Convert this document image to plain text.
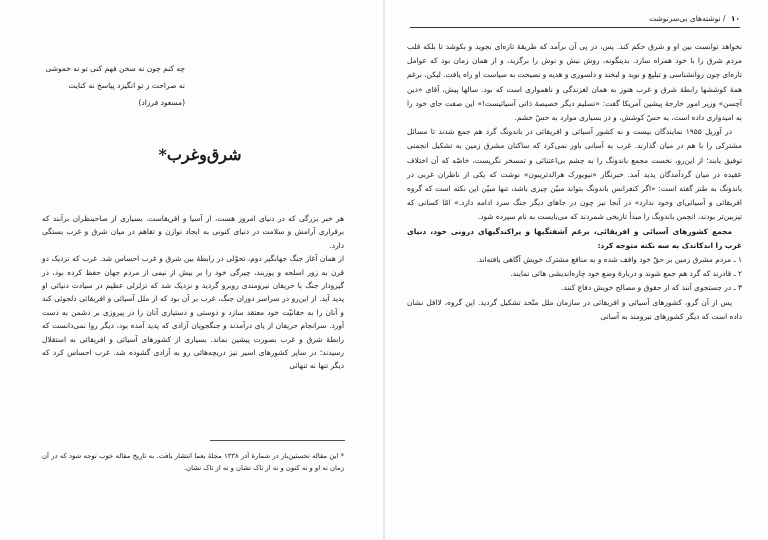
چه کنم چون نه سخن فهم کنی تو نه خموشی
نه صراحت ز تو انگیزد پیاسخ نه کنایت
(مسعود فرزاد)
شرق‌وغرب*

هر خبر بزرگی که در دنیای امروز هست، از آسیا و افریقاست. بسیاری از صاحبنظران برآنند که برقراری آرامش و سلامت در دنیای کنونی به ایجاد توازن و تفاهم در میان شرق و غرب بستگی دارد.

از همان آغاز جنگ جهانگیر دوم، تحوّلی در رابطهٔ بین شرق و غرب احساس شد. غرب که نزدیک دو قرن به زور اسلحه و پوزبند، چیرگی خود را بر بیش از نیمی از مردم جهان حفظ کرده بود، در گیرودار جنگ با حریفان نیرومندی روبرو گردید و نزدیک شد که تزلزلی عظیم در سیادت دنیائی او پدید آید. از این‌رو در سراسر دوران جنگ، غرب بر آن بود که از ملل آسیائی و افریقائی دلجوئی کند و آنان را به حقانیّت خود معتقد سازد و دوستی و دستیاری آنان را در پیروزی بر دشمن به دست آورد. سرانجام حریفان از پای درآمدند و جنگجویان آزادی که پدید آمده بود، دیگر روا نمی‌دانست که رابطهٔ شرق و غرب بصورت پیشین بماند. بسیاری از کشورهای آسیائی و افریقائی به استقلال رسیدند؛ در سایر کشورهای اسیر نیز دریچه‌هائی رو به آزادی گشوده شد. غرب احساس کرد که دیگر تنها نه تنهائی

* این مقاله نخستین‌بار در شمارهٔ آذر ۱۳۳۸ مجلهٔ یغما انتشار یافت. به تاریخ مقاله خوب توجه شود که در آن زمان نه او و نه کنون و نه از تاک نشان و نه از تاک نشان.
۱۰ / نوشته‌های بی‌سرنوشت

نخواهد توانست بین او و شرق حکم کند. پس، در پی آن برآمد که طریقهٔ تازه‌ای بجوید و بکوشد تا بلکه قلب مردم شرق را با خود همراه سازد. بدینگونه، روش نیش و نوش را برگزید، و از همان زمان بود که عوامل تازه‌ای چون روانشناسی و تبلیغ و نوید و لبخند و دلسوزی و هدیه و نصیحت به سیاست او راه یافت. لیکن، برغم همهٔ کوششها رابطهٔ شرق و غرب هنوز به همان لغزندگی و ناهمواری است که بود. سالها پیش، آقای «دین آچسن» وزیر امور خارجهٔ پیشین آمریکا گفت: «تسلیم دیگر خصیصهٔ ذاتی آسیائیست!» این صفت جای خود را به امیدواری داده است، به حسّ کوشش، و در بسیاری موارد به حسّ خشم.

در آوریل ۱۹۵۵ نمایندگان بیست و نه کشور آسیائی و افریقائی در باندونگ گرد هم جمع شدند تا مسائل مشترکی را با هم در میان گذارند. غرب به آسانی باور نمی‌کرد که ساکنان مشرق زمین به تشکیل انجمنی توفیق یابند؛ از این‌رو، نخست مجمع باندونگ را به چشم بی‌اعتنائی و تمسخر نگریست، خاصّه که آن اختلاف عقیده در میان گردآمدگان پدید آمد. خبرنگار «نیویورک هرالدتریبون» نوشت که یکی از ناظران غربی در باندونگ به طنز گفته است: «اگر کنفرانس باندونگ بتواند مبیّن چیزی باشد، تنها مبیّن این نکته است که گروه افریقائی و آسیائی‌ای وجود ندارد» در آنجا نیز چون در جاهای دیگر جنگ سرد ادامه دارد.» امّا کسانی که تیزبین‌تر بودند، انجمن باندونگ را مبدأ تاریخی شمردند که می‌بایست به نام سپرده شود.

مجمع کشورهای آسیائی و افریقائی، برغم آشفتگیها و پراکندگیهای درونی خود، دنیای غرب را اندکاندک به سه نکته متوجه کرد:

۱ ـ مردم مشرق زمین بر حقّ خود واقف شده و به منافع مشترک خویش آگاهی یافته‌اند.

۲ ـ قادرند که گرد هم جمع شوند و دربارهٔ وضع خود چاره‌اندیشی هائی نمایند.

۳ ـ در جستجوی آنند که از حقوق و مصالح خویش دفاع کنند.

پس از آن گرو، کشورهای آسیائی و افریقائی در سازمان ملل متّحد تشکیل گردید. این گروه، لااقل نشان داده است که دیگر کشورهای نیرومند به آسانی
